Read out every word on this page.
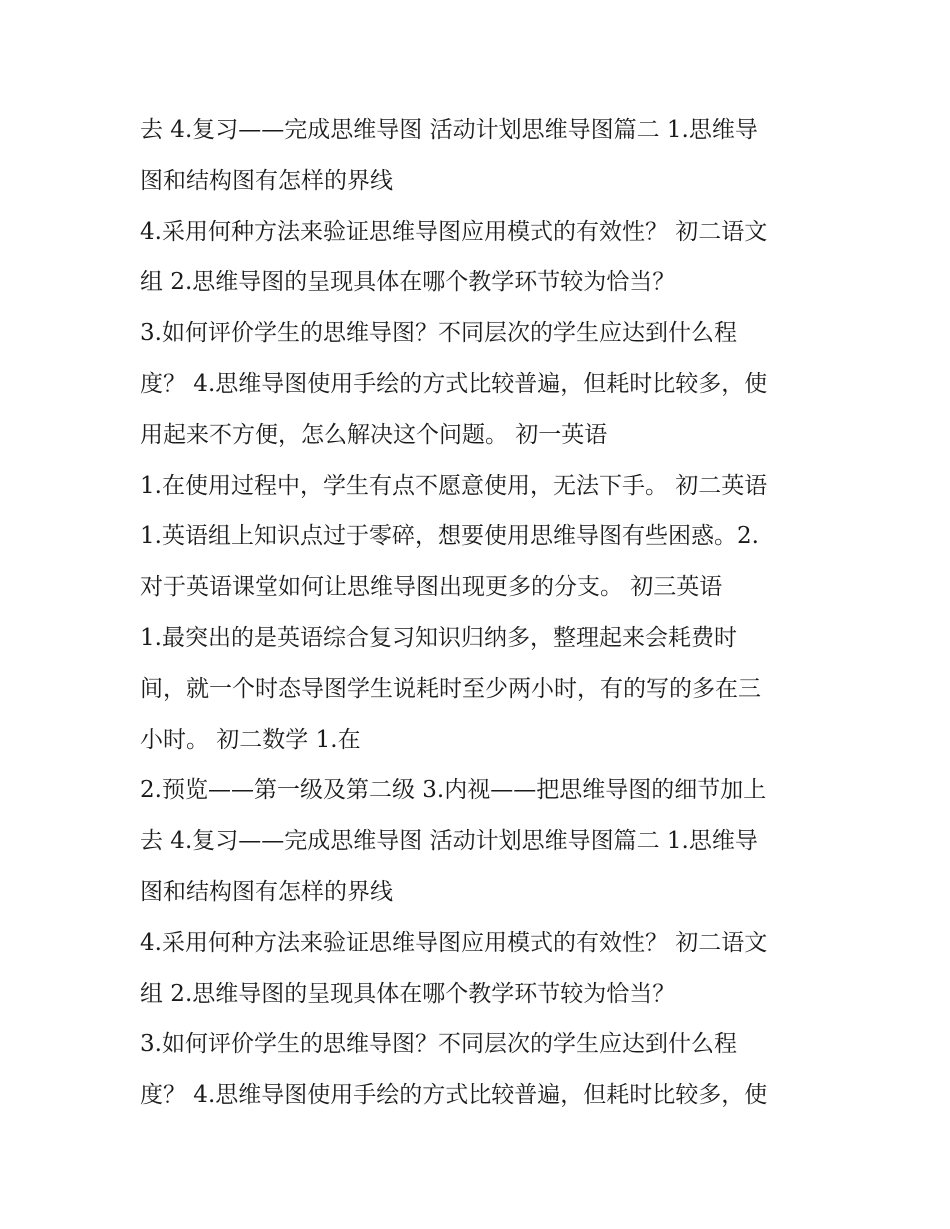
去 4.复习——完成思维导图 活动计划思维导图篇二 1.思维导
图和结构图有怎样的界线
4.采用何种方法来验证思维导图应用模式的有效性？ 初二语文
组 2.思维导图的呈现具体在哪个教学环节较为恰当？
3.如何评价学生的思维导图？不同层次的学生应达到什么程
度？ 4.思维导图使用手绘的方式比较普遍，但耗时比较多，使
用起来不方便，怎么解决这个问题。 初一英语
1.在使用过程中，学生有点不愿意使用，无法下手。 初二英语
1.英语组上知识点过于零碎，想要使用思维导图有些困惑。2.
对于英语课堂如何让思维导图出现更多的分支。 初三英语
1.最突出的是英语综合复习知识归纳多，整理起来会耗费时
间，就一个时态导图学生说耗时至少两小时，有的写的多在三
小时。 初二数学 1.在
2.预览——第一级及第二级 3.内视——把思维导图的细节加上
去 4.复习——完成思维导图 活动计划思维导图篇二 1.思维导
图和结构图有怎样的界线
4.采用何种方法来验证思维导图应用模式的有效性？ 初二语文
组 2.思维导图的呈现具体在哪个教学环节较为恰当？
3.如何评价学生的思维导图？不同层次的学生应达到什么程
度？ 4.思维导图使用手绘的方式比较普遍，但耗时比较多，使
